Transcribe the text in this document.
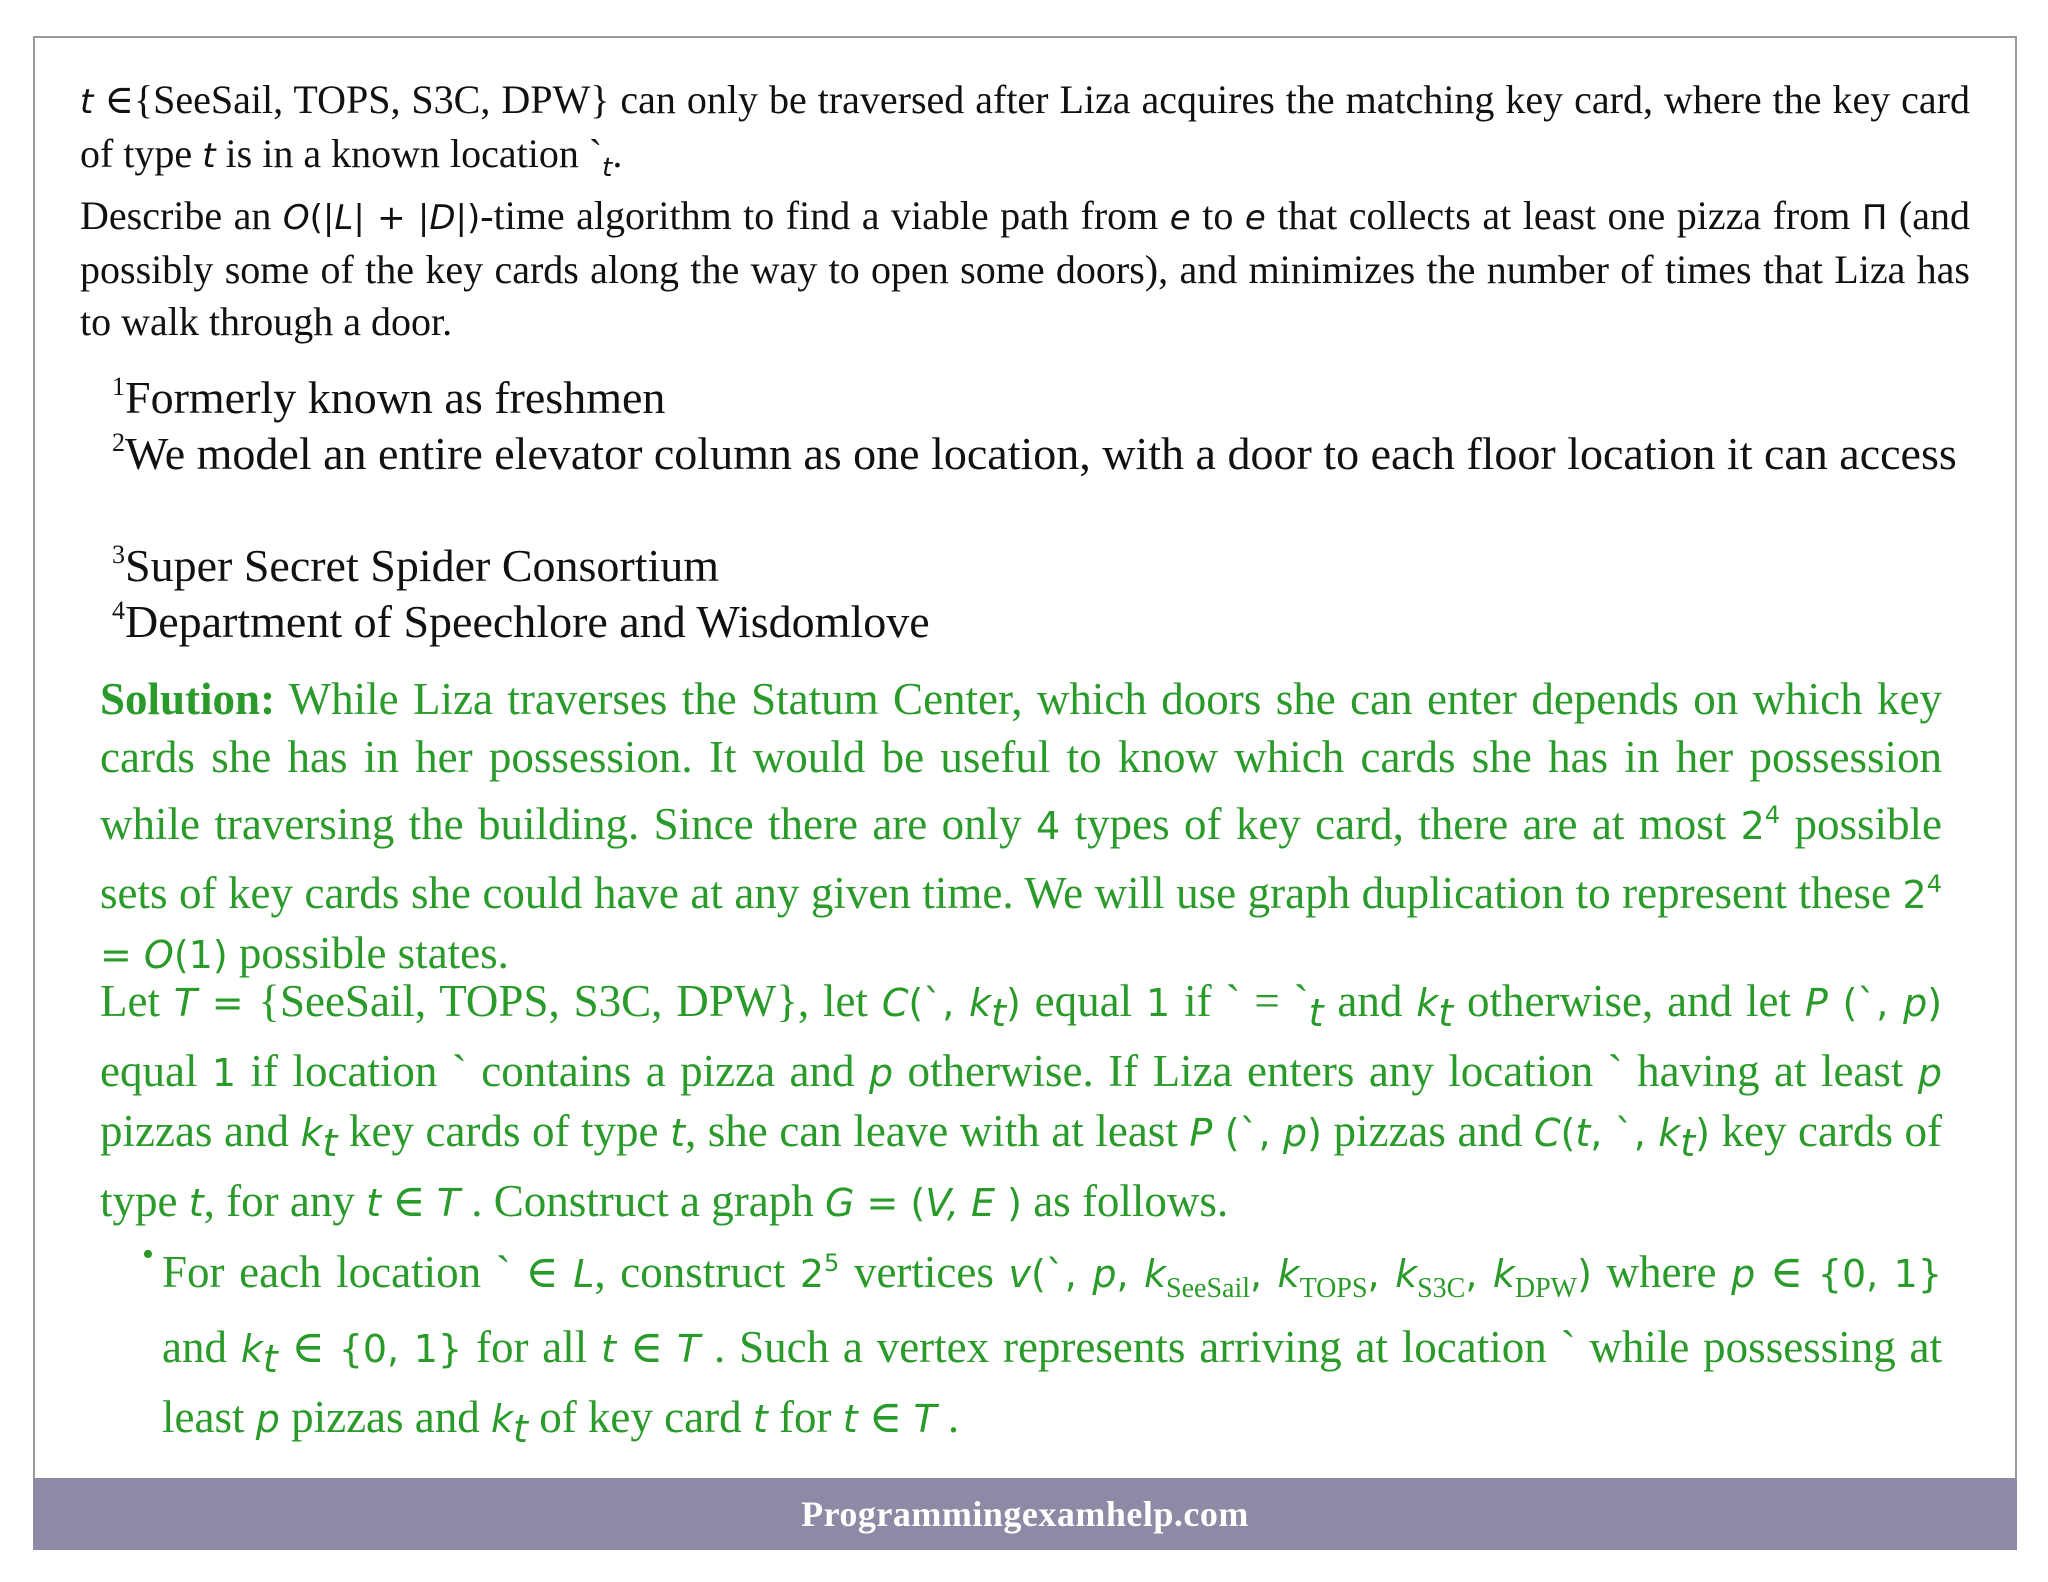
t ∈{SeeSail, TOPS, S3C, DPW} can only be traversed after Liza acquires the matching key card, where the key card of type t is in a known location $`_t$.

Describe an O(|L| + |D|)-time algorithm to find a viable path from e to e that collects at least one pizza from Π (and possibly some of the key cards along the way to open some doors), and minimizes the number of times that Liza has to walk through a door.

$^1$Formerly known as freshmen

$^2$We model an entire elevator column as one location, with a door to each floor location it can access

$^3$Super Secret Spider Consortium

$^4$Department of Speechlore and Wisdomlove

Solution: While Liza traverses the Statum Center, which doors she can enter depends on which key cards she has in her possession. It would be useful to know which cards she has in her possession while traversing the building. Since there are only 4 types of key card, there are at most $2^4$ possible sets of key cards she could have at any given time. We will use graph duplication to represent these $2^4 = O(1)$ possible states.

Let T = {SeeSail, TOPS, S3C, DPW}, let C(`, $k_t$) equal 1 if ` = $`_t$ and $k_t$ otherwise, and let P (`, p) equal 1 if location ` contains a pizza and p otherwise. If Liza enters any location ` having at least p pizzas and $k_t$ key cards of type t, she can leave with at least P (`, p) pizzas and C(t, `, $k_t$) key cards of type t, for any t ∈ T . Construct a graph G = (V, E ) as follows.

• For each location ` ∈ L, construct $2^5$ vertices v(`, p, $k_{SeeSail}$, $k_{TOPS}$, $k_{S3C}$, $k_{DPW}$) where p ∈ {0, 1} and $k_t$ ∈ {0, 1} for all t ∈ T . Such a vertex represents arriving at location ` while possessing at least p pizzas and $k_t$ of key card t for t ∈ T .

Programmingexamhelp.com
